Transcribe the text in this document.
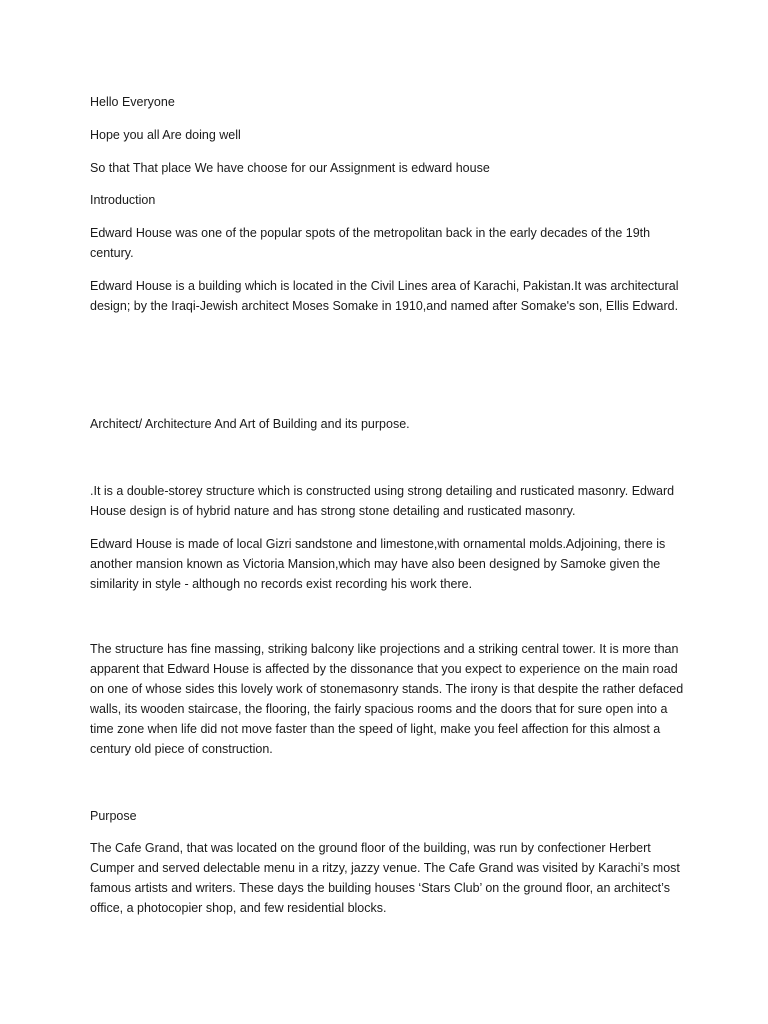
Hello Everyone

Hope you all Are doing well

So that That place We have choose for our Assignment is edward house

Introduction

Edward House was one of the popular spots of the metropolitan back in the early decades of the 19th century.

Edward House is a building which is located in the Civil Lines area of Karachi, Pakistan.It was architectural design; by the Iraqi-Jewish architect Moses Somake in 1910,and named after Somake's son, Ellis Edward.

Architect/ Architecture And Art of Building and its purpose.

.It is a double-storey structure which is constructed using strong detailing and rusticated masonry. Edward House design is of hybrid nature and has strong stone detailing and rusticated masonry.

Edward House is made of local Gizri sandstone and limestone,with ornamental molds.Adjoining, there is another mansion known as Victoria Mansion,which may have also been designed by Samoke given the similarity in style - although no records exist recording his work there.

The structure has fine massing, striking balcony like projections and a striking central tower. It is more than apparent that Edward House is affected by the dissonance that you expect to experience on the main road on one of whose sides this lovely work of stonemasonry stands. The irony is that despite the rather defaced walls, its wooden staircase, the flooring, the fairly spacious rooms and the doors that for sure open into a time zone when life did not move faster than the speed of light, make you feel affection for this almost a century old piece of construction.

Purpose

The Cafe Grand, that was located on the ground floor of the building, was run by confectioner Herbert Cumper and served delectable menu in a ritzy, jazzy venue. The Cafe Grand was visited by Karachi’s most famous artists and writers. These days the building houses ‘Stars Club’ on the ground floor, an architect’s office, a photocopier shop, and few residential blocks.
